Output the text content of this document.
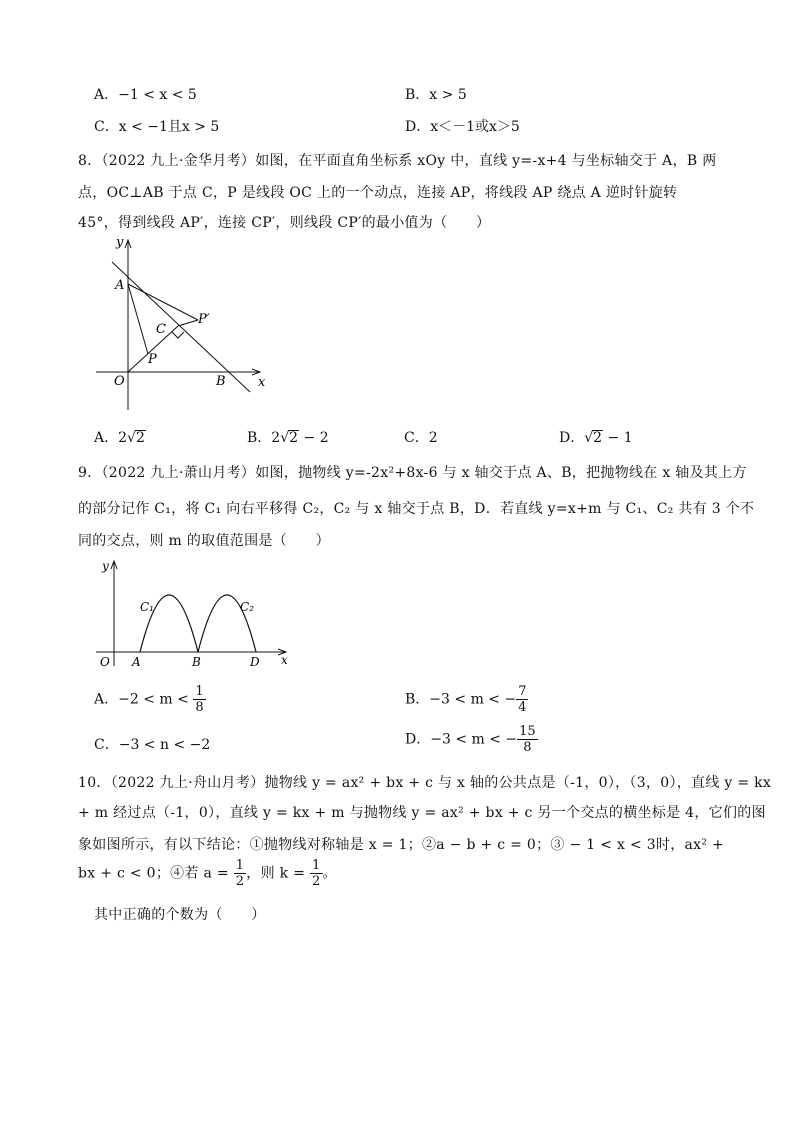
A．−1 < x < 5	B．x > 5
C．x < −1且x > 5	D．x＜－1或x＞5
8．（2022 九上·金华月考）如图，在平面直角坐标系 xOy 中，直线 y=-x+4 与坐标轴交于 A，B 两
点，OC⊥AB 于点 C，P 是线段 OC 上的一个动点，连接 AP，将线段 AP 绕点 A 逆时针旋转
45°，得到线段 AP′，连接 CP′，则线段 CP′的最小值为（　　）
y
x
A
O	B
C
P
P′
A．2√2	B．2√2 − 2	C．2	D．√2 − 1
9．（2022 九上·萧山月考）如图，抛物线 y=-2x²+8x-6 与 x 轴交于点 A、B，把抛物线在 x 轴及其上方
的部分记作 C₁，将 C₁ 向右平移得 C₂，C₂ 与 x 轴交于点 B，D．若直线 y=x+m 与 C₁、C₂ 共有 3 个不
同的交点，则 m 的取值范围是（　　）
y
x
O A	B	D
C₁	C₂
A．$-2 < m < \frac{1}{8}$	B．−3 < m < − $\frac{7}{4}$
C．−3 < n < −2	D．−3 < m < − $\frac{15}{8}$
10．（2022 九上·舟山月考）抛物线 y = ax² + bx + c 与 x 轴的公共点是（-1，0），（3，0），直线 y = kx
+ m 经过点（-1，0），直线 y = kx + m 与抛物线 y = ax² + bx + c 另一个交点的横坐标是 4，它们的图
象如图所示，有以下结论：①抛物线对称轴是 x = 1；②a − b + c = 0；③ − 1 < x < 3时，ax² +
bx + c < 0；④若 $a = \frac{1}{2}$ ，则 $k = \frac{1}{2}$ 。
其中正确的个数为（　　）
